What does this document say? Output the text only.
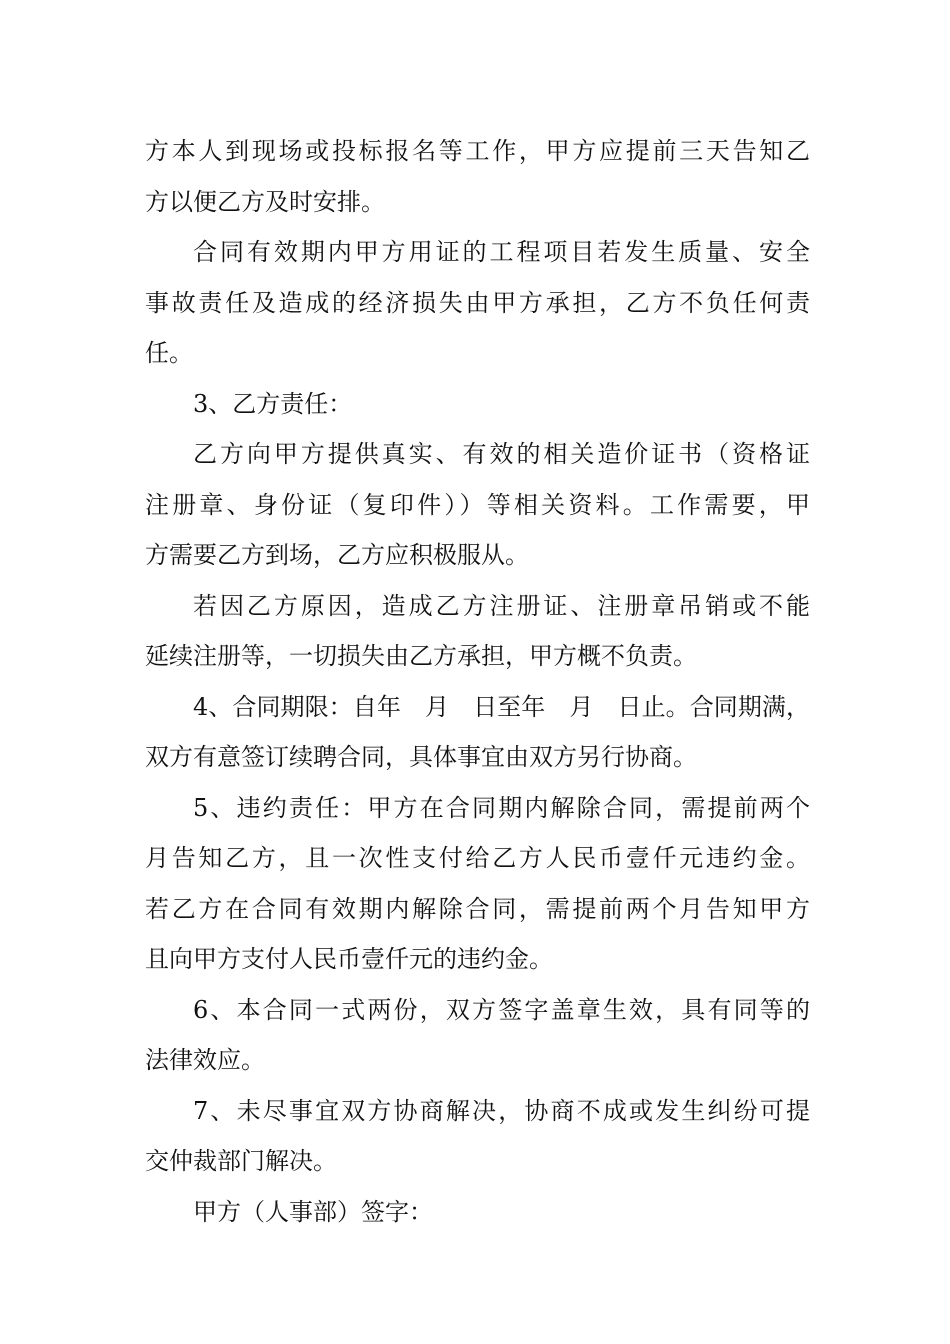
方本人到现场或投标报名等工作，甲方应提前三天告知乙
方以便乙方及时安排。
合同有效期内甲方用证的工程项目若发生质量、安全
事故责任及造成的经济损失由甲方承担，乙方不负任何责
任。
3、乙方责任：
乙方向甲方提供真实、有效的相关造价证书（资格证
注册章、身份证（复印件））等相关资料。工作需要，甲
方需要乙方到场，乙方应积极服从。
若因乙方原因，造成乙方注册证、注册章吊销或不能
延续注册等，一切损失由乙方承担，甲方概不负责。
4、合同期限：自年　月　日至年　月　日止。合同期满，
双方有意签订续聘合同，具体事宜由双方另行协商。
5、违约责任：甲方在合同期内解除合同，需提前两个
月告知乙方，且一次性支付给乙方人民币壹仟元违约金。
若乙方在合同有效期内解除合同，需提前两个月告知甲方
且向甲方支付人民币壹仟元的违约金。
6、本合同一式两份，双方签字盖章生效，具有同等的
法律效应。
7、未尽事宜双方协商解决，协商不成或发生纠纷可提
交仲裁部门解决。
甲方（人事部）签字：
